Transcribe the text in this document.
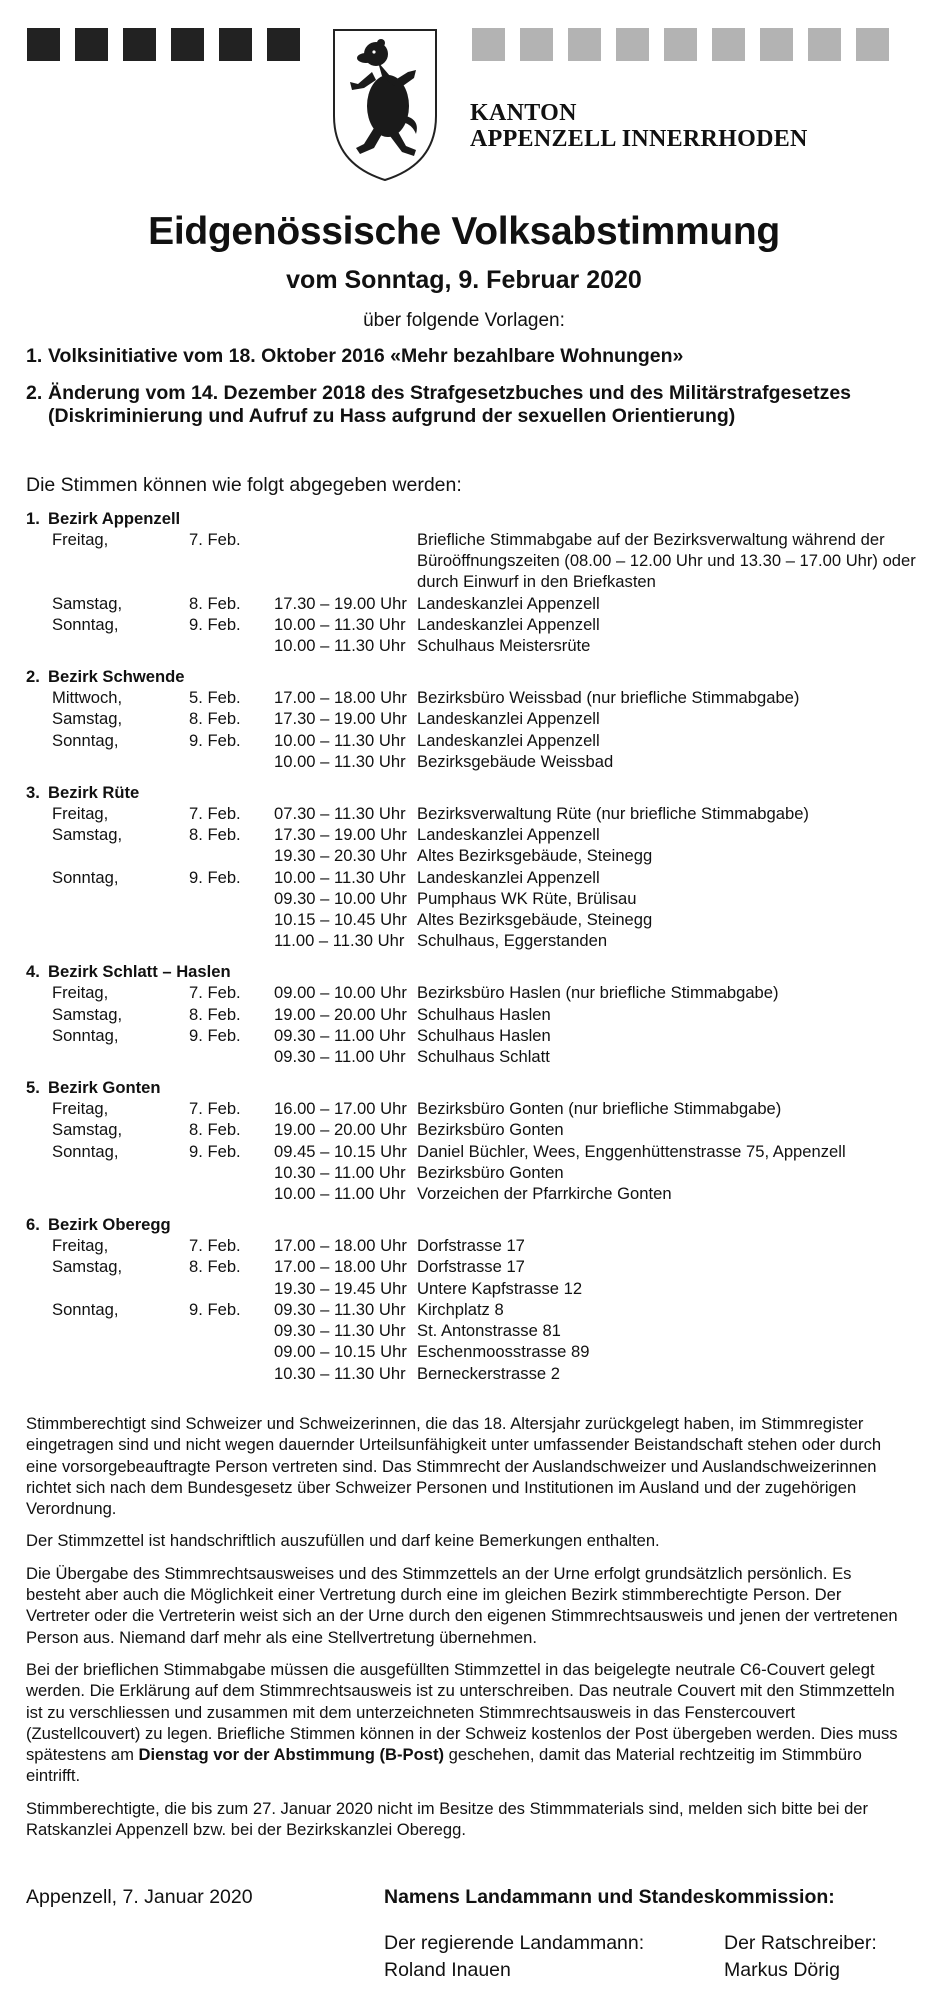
KANTON
APPENZELL INNERRHODEN
Eidgenössische Volksabstimmung
vom Sonntag, 9. Februar 2020
über folgende Vorlagen:
1. Volksinitiative vom 18. Oktober 2016 «Mehr bezahlbare Wohnungen»
2. Änderung vom 14. Dezember 2018 des Strafgesetzbuches und des Militärstrafgesetzes (Diskriminierung und Aufruf zu Hass aufgrund der sexuellen Orientierung)
Die Stimmen können wie folgt abgegeben werden:
1. Bezirk Appenzell
Freitag,	7. Feb.	Briefliche Stimmabgabe auf der Bezirksverwaltung während der Büroöffnungszeiten (08.00 – 12.00 Uhr und 13.30 – 17.00 Uhr) oder durch Einwurf in den Briefkasten
Samstag,	8. Feb.	17.30 – 19.00 Uhr Landeskanzlei Appenzell
Sonntag,	9. Feb.	10.00 – 11.30 Uhr Landeskanzlei Appenzell
10.00 – 11.30 Uhr Schulhaus Meistersrüte
2. Bezirk Schwende
Mittwoch,	5. Feb.	17.00 – 18.00 Uhr Bezirksbüro Weissbad (nur briefliche Stimmabgabe)
Samstag,	8. Feb.	17.30 – 19.00 Uhr Landeskanzlei Appenzell
Sonntag,	9. Feb.	10.00 – 11.30 Uhr Landeskanzlei Appenzell
10.00 – 11.30 Uhr Bezirksgebäude Weissbad
3. Bezirk Rüte
Freitag,	7. Feb.	07.30 – 11.30 Uhr Bezirksverwaltung Rüte (nur briefliche Stimmabgabe)
Samstag,	8. Feb.	17.30 – 19.00 Uhr Landeskanzlei Appenzell
19.30 – 20.30 Uhr Altes Bezirksgebäude, Steinegg
Sonntag,	9. Feb.	10.00 – 11.30 Uhr Landeskanzlei Appenzell
09.30 – 10.00 Uhr Pumphaus WK Rüte, Brülisau
10.15 – 10.45 Uhr Altes Bezirksgebäude, Steinegg
11.00 – 11.30 Uhr Schulhaus, Eggerstanden
4. Bezirk Schlatt – Haslen
Freitag,	7. Feb.	09.00 – 10.00 Uhr Bezirksbüro Haslen (nur briefliche Stimmabgabe)
Samstag,	8. Feb.	19.00 – 20.00 Uhr Schulhaus Haslen
Sonntag,	9. Feb.	09.30 – 11.00 Uhr Schulhaus Haslen
09.30 – 11.00 Uhr Schulhaus Schlatt
5. Bezirk Gonten
Freitag,	7. Feb.	16.00 – 17.00 Uhr Bezirksbüro Gonten (nur briefliche Stimmabgabe)
Samstag,	8. Feb.	19.00 – 20.00 Uhr Bezirksbüro Gonten
Sonntag,	9. Feb.	09.45 – 10.15 Uhr Daniel Büchler, Wees, Enggenhüttenstrasse 75, Appenzell
10.30 – 11.00 Uhr Bezirksbüro Gonten
10.00 – 11.00 Uhr Vorzeichen der Pfarrkirche Gonten
6. Bezirk Oberegg
Freitag,	7. Feb.	17.00 – 18.00 Uhr Dorfstrasse 17
Samstag,	8. Feb.	17.00 – 18.00 Uhr Dorfstrasse 17
19.30 – 19.45 Uhr Untere Kapfstrasse 12
Sonntag,	9. Feb.	09.30 – 11.30 Uhr Kirchplatz 8
09.30 – 11.30 Uhr St. Antonstrasse 81
09.00 – 10.15 Uhr Eschenmoosstrasse 89
10.30 – 11.30 Uhr Berneckerstrasse 2

Stimmberechtigt sind Schweizer und Schweizerinnen, die das 18. Altersjahr zurückgelegt haben, im Stimmregister eingetragen sind und nicht wegen dauernder Urteilsunfähigkeit unter umfassender Beistandschaft stehen oder durch eine vorsorgebeauftragte Person vertreten sind. Das Stimmrecht der Auslandschweizer und Auslandschweizerinnen richtet sich nach dem Bundesgesetz über Schweizer Personen und Institutionen im Ausland und der zugehörigen Verordnung.

Der Stimmzettel ist handschriftlich auszufüllen und darf keine Bemerkungen enthalten.

Die Übergabe des Stimmrechtsausweises und des Stimmzettels an der Urne erfolgt grundsätzlich persönlich. Es besteht aber auch die Möglichkeit einer Vertretung durch eine im gleichen Bezirk stimmberechtigte Person. Der Vertreter oder die Vertreterin weist sich an der Urne durch den eigenen Stimmrechtsausweis und jenen der vertretenen Person aus. Niemand darf mehr als eine Stellvertretung übernehmen.

Bei der brieflichen Stimmabgabe müssen die ausgefüllten Stimmzettel in das beigelegte neutrale C6-Couvert gelegt werden. Die Erklärung auf dem Stimmrechtsausweis ist zu unterschreiben. Das neutrale Couvert mit den Stimmzetteln ist zu verschliessen und zusammen mit dem unterzeichneten Stimmrechtsausweis in das Fenstercouvert (Zustellcouvert) zu legen. Briefliche Stimmen können in der Schweiz kostenlos der Post übergeben werden. Dies muss spätestens am Dienstag vor der Abstimmung (B-Post) geschehen, damit das Material rechtzeitig im Stimmbüro eintrifft.

Stimmberechtigte, die bis zum 27. Januar 2020 nicht im Besitze des Stimmmaterials sind, melden sich bitte bei der Ratskanzlei Appenzell bzw. bei der Bezirkskanzlei Oberegg.

Appenzell, 7. Januar 2020	Namens Landammann und Standeskommission:
Der regierende Landammann:
Roland Inauen
Der Ratschreiber:
Markus Dörig
